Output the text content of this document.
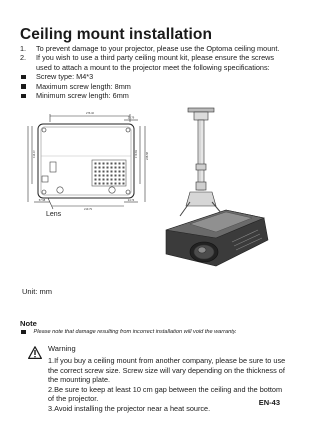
Ceiling mount installation
1.	To prevent damage to your projector, please use the Optoma ceiling mount.
2.	If you wish to use a third party ceiling mount kit, please ensure the screws used to attach a mount to the projector meet the following specifications:
Screw type: M4*3
Maximum screw length: 8mm
Minimum screw length: 6mm
276.32
20.79
228.58
179.63
114.47
57.98
219.79
24.73
Lens
Unit: mm
Note
Please note that damage resulting from incorrect installation will void the warranty.
Warning
1.If you buy a ceiling mount from another company, please be sure to use the correct screw size. Screw size will vary depending on the thickness of the mounting plate.
2.Be sure to keep at least 10 cm gap between the ceiling and the bottom of the projector.
3.Avoid installing the projector near a heat source.
EN-43
